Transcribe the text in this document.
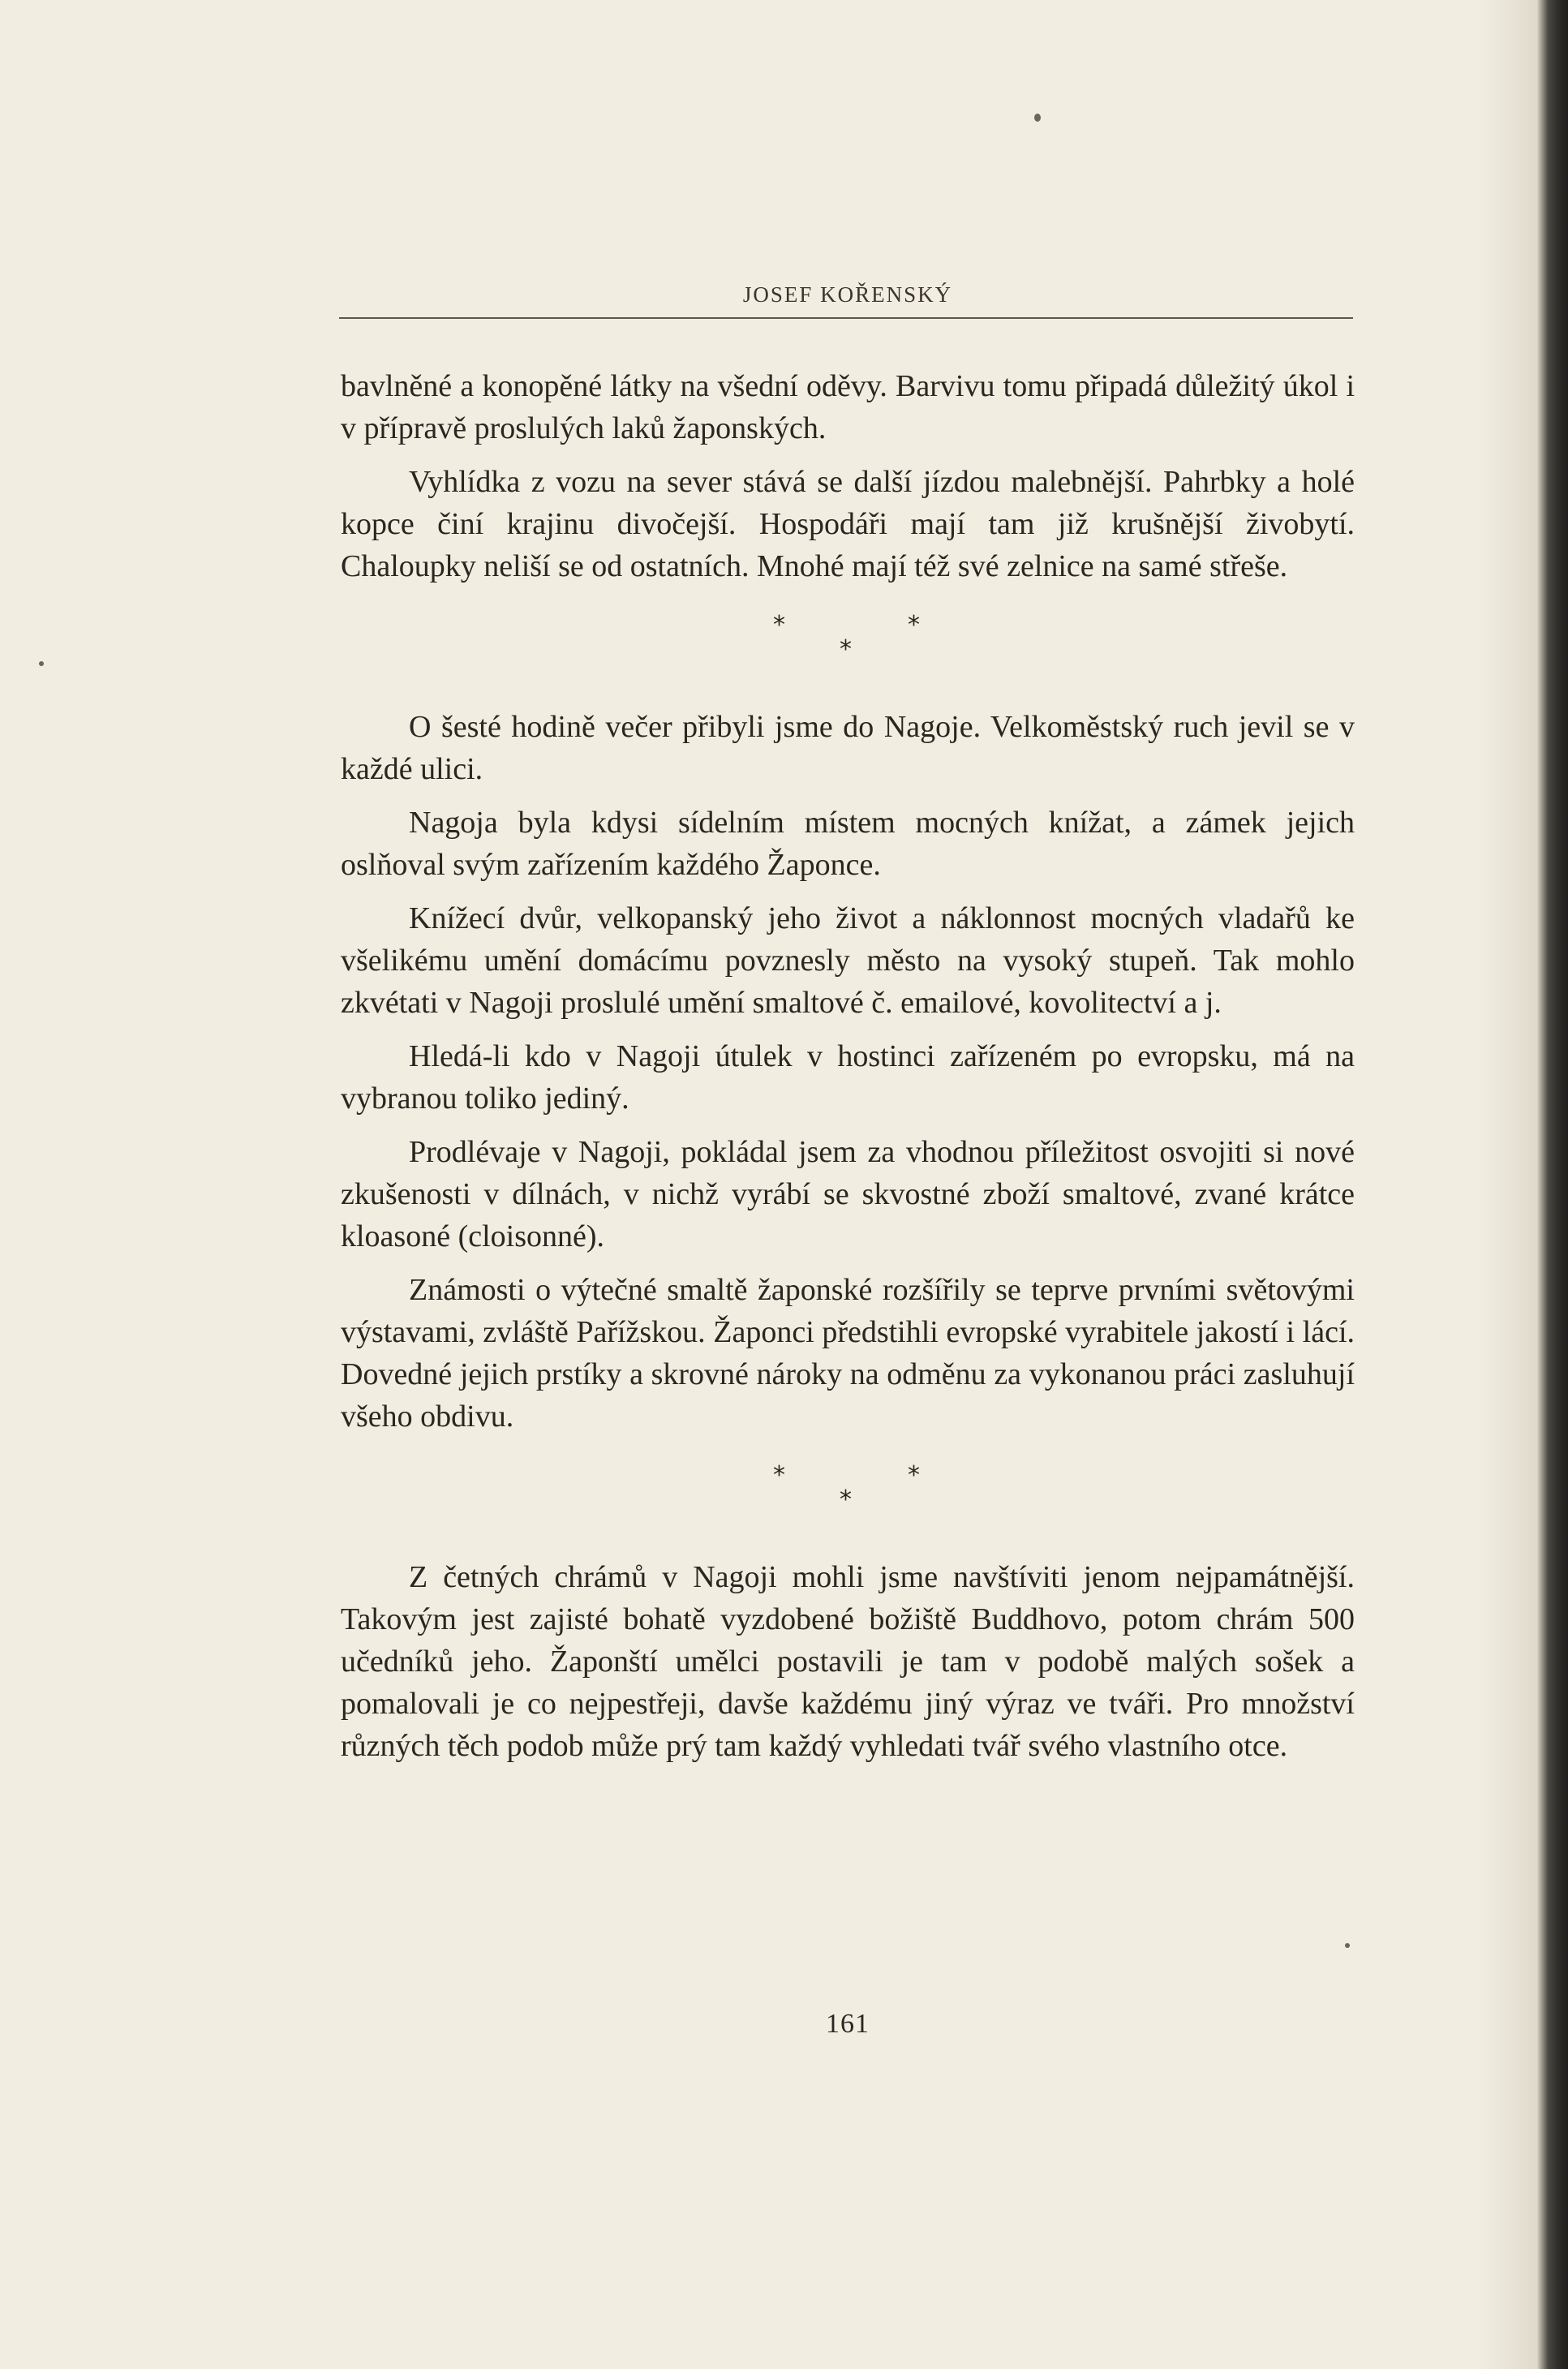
JOSEF KOŘENSKÝ

bavlněné a konopěné látky na všední oděvy. Barvivu tomu připadá důležitý úkol i v přípravě proslulých laků žaponských.

Vyhlídka z vozu na sever stává se další jízdou malebnější. Pahrbky a holé kopce činí krajinu divočejší. Hospodáři mají tam již krušnější živobytí. Chaloupky neliší se od ostatních. Mnohé mají též své zelnice na samé střeše.

*	*
*

O šesté hodině večer přibyli jsme do Nagoje. Velkoměstský ruch jevil se v každé ulici.

Nagoja byla kdysi sídelním místem mocných knížat, a zámek jejich oslňoval svým zařízením každého Žaponce.

Knížecí dvůr, velkopanský jeho život a náklonnost mocných vladařů ke všelikému umění domácímu povznesly město na vysoký stupeň. Tak mohlo zkvétati v Nagoji proslulé umění smaltové č. emailové, kovolitectví a j.

Hledá-li kdo v Nagoji útulek v hostinci zařízeném po evropsku, má na vybranou toliko jediný.

Prodlévaje v Nagoji, pokládal jsem za vhodnou příležitost osvojiti si nové zkušenosti v dílnách, v nichž vyrábí se skvostné zboží smaltové, zvané krátce kloasoné (cloisonné).

Známosti o výtečné smaltě žaponské rozšířily se teprve prvními světovými výstavami, zvláště Pařížskou. Žaponci předstihli evropské vyrabitele jakostí i lácí. Dovedné jejich prstíky a skrovné nároky na odměnu za vykonanou práci zasluhují všeho obdivu.

*	*
*

Z četných chrámů v Nagoji mohli jsme navštíviti jenom nejpamátnější. Takovým jest zajisté bohatě vyzdobené božiště Buddhovo, potom chrám 500 učedníků jeho. Žaponští umělci postavili je tam v podobě malých sošek a pomalovali je co nejpestřeji, davše každému jiný výraz ve tváři. Pro množství různých těch podob může prý tam každý vyhledati tvář svého vlastního otce.

161
